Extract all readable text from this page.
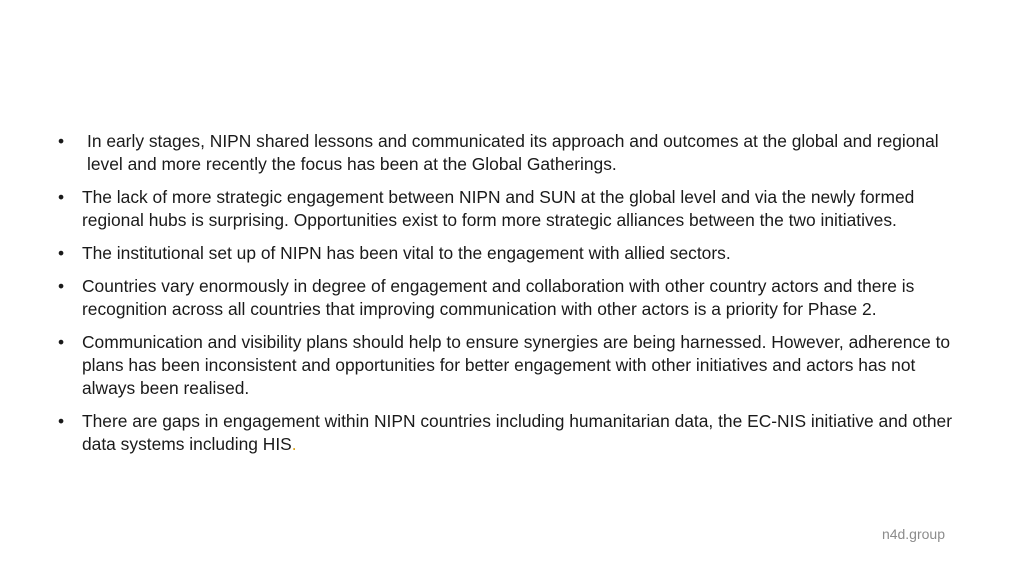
• In early stages, NIPN shared lessons and communicated its approach and outcomes at the global and regional level and more recently the focus has been at the Global Gatherings.
• The lack of more strategic engagement between NIPN and SUN at the global level and via the newly formed regional hubs is surprising. Opportunities exist to form more strategic alliances between the two initiatives.
• The institutional set up of NIPN has been vital to the engagement with allied sectors.
• Countries vary enormously in degree of engagement and collaboration with other country actors and there is recognition across all countries that improving communication with other actors is a priority for Phase 2.
• Communication and visibility plans should help to ensure synergies are being harnessed. However, adherence to plans has been inconsistent and opportunities for better engagement with other initiatives and actors has not always been realised.
• There are gaps in engagement within NIPN countries including humanitarian data, the EC-NIS initiative and other data systems including HIS.
n4d.group
